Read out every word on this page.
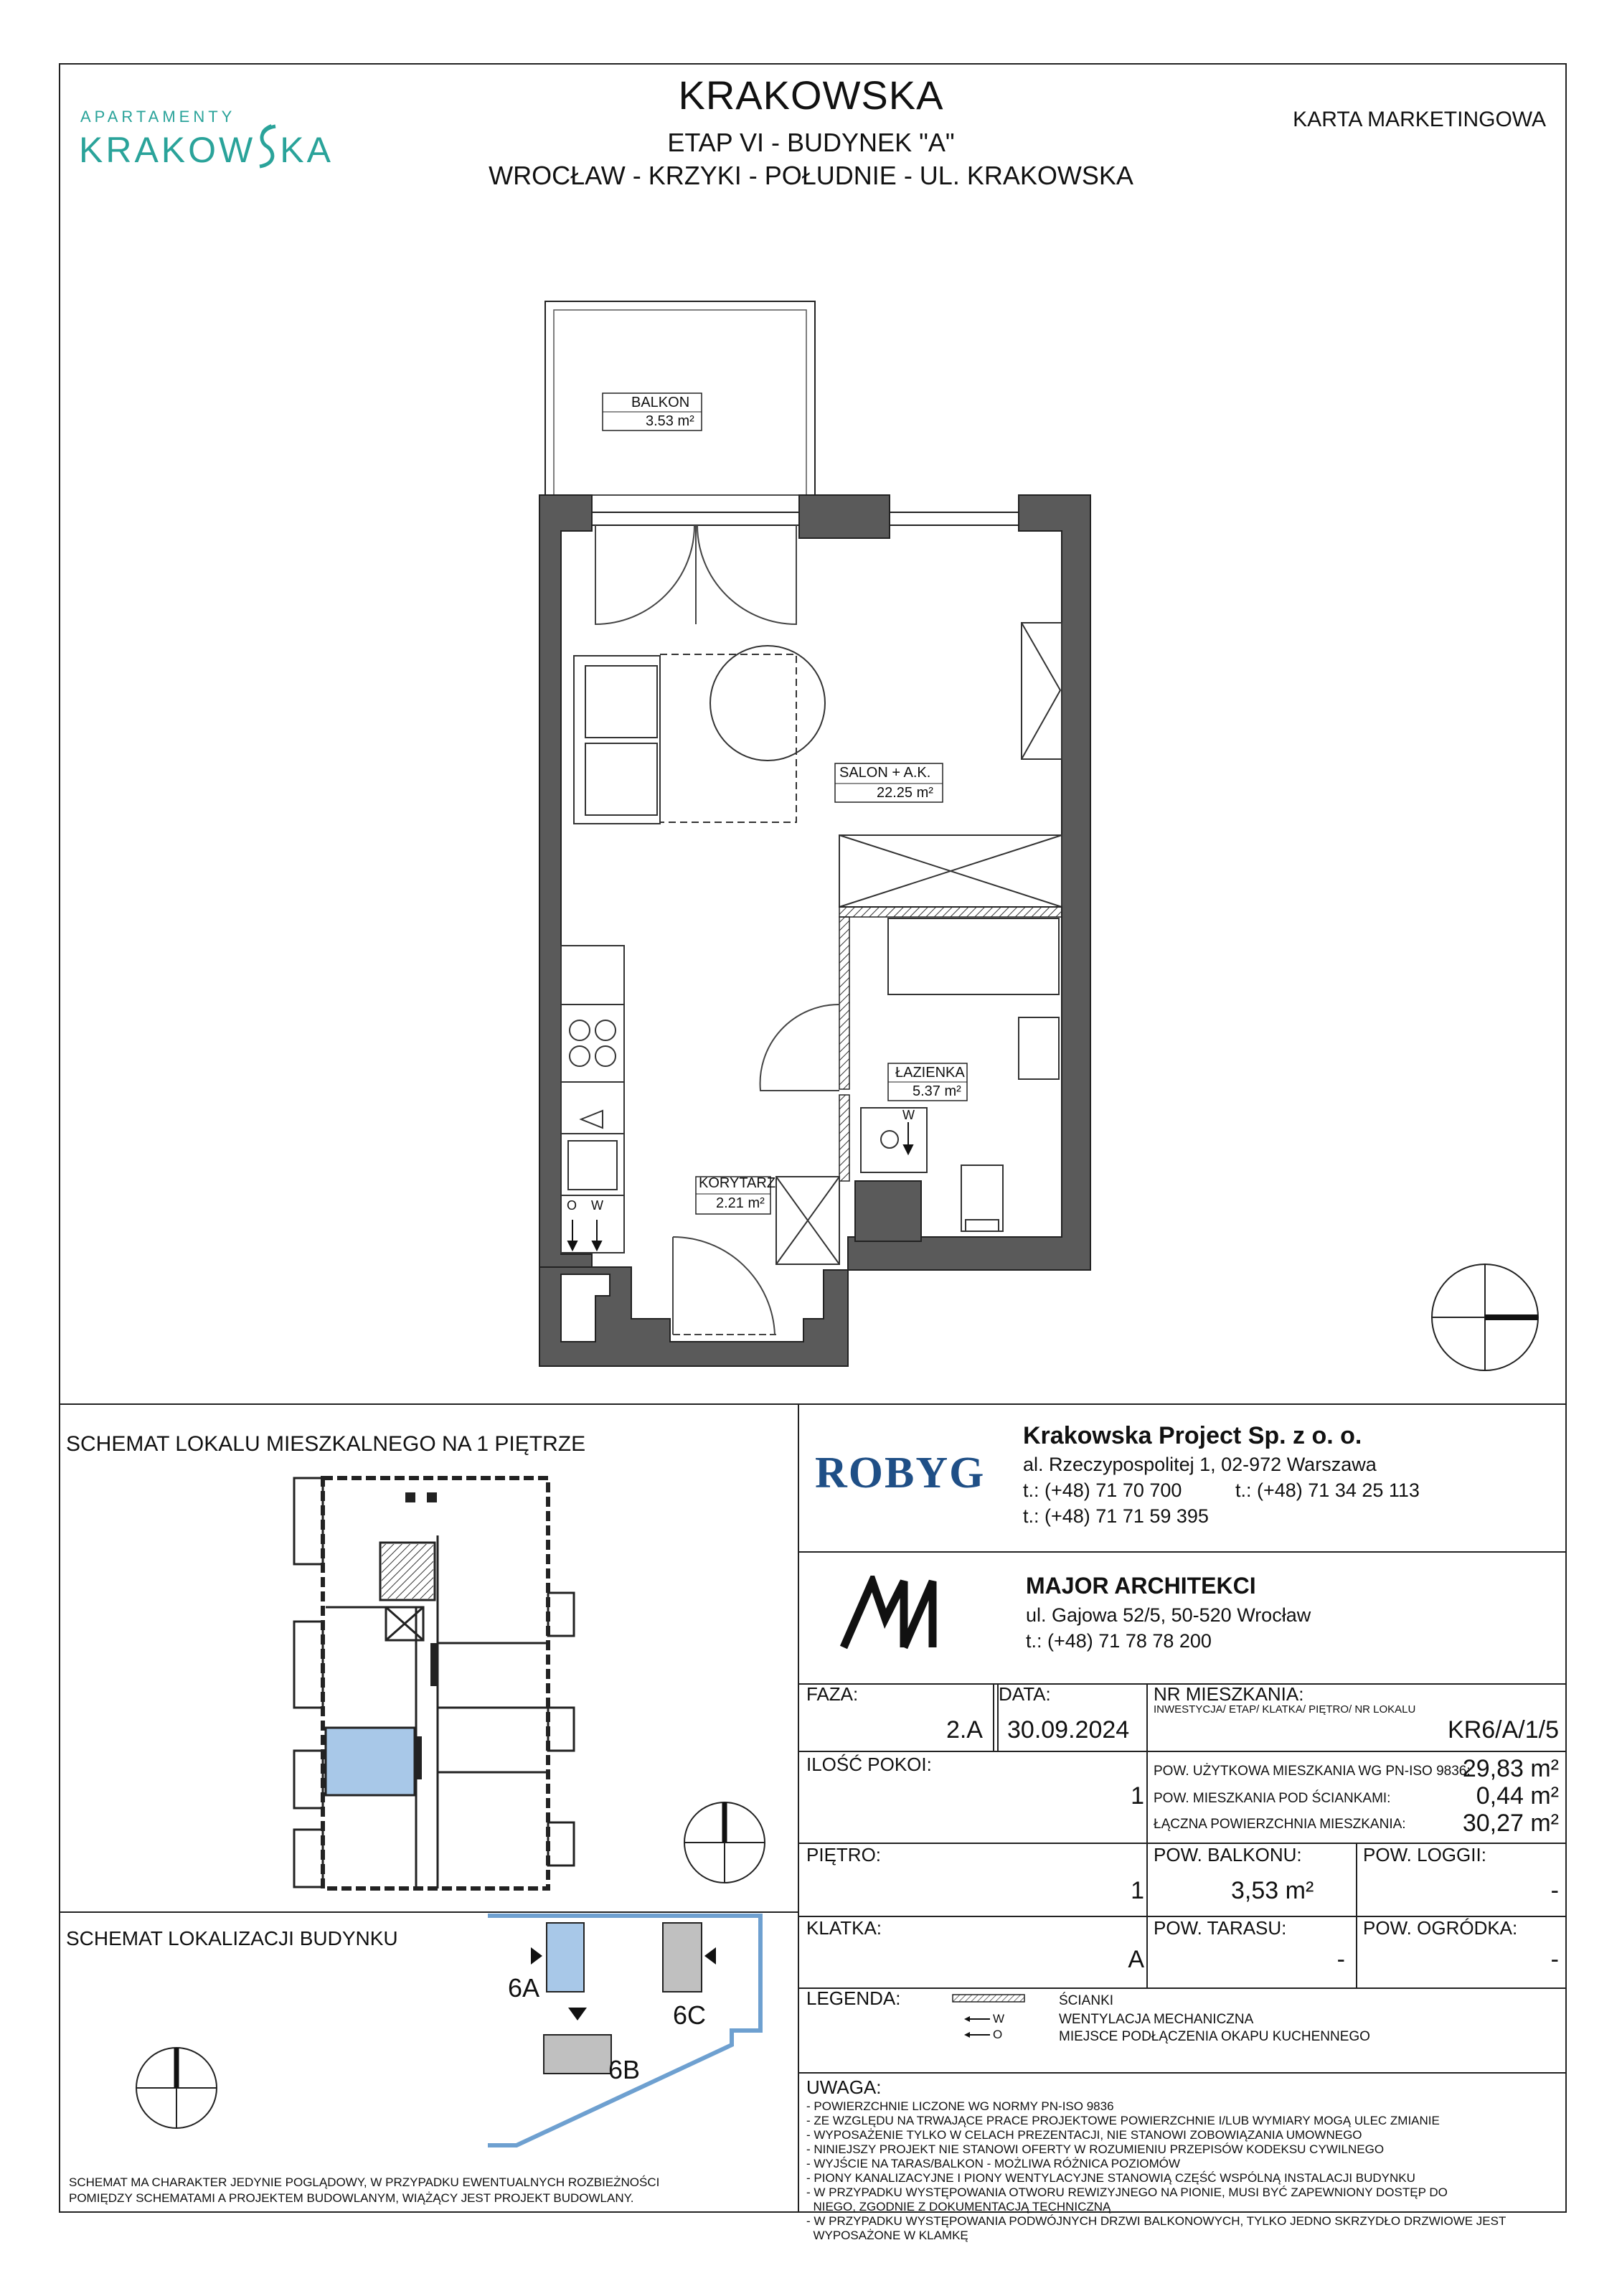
APARTAMENTY
KRAKOW KA
KRAKOWSKA
ETAP VI - BUDYNEK "A"
WROCŁAW - KRZYKI - POŁUDNIE - UL. KRAKOWSKA
KARTA MARKETINGOWA
BALKON
3.53 m²
SALON + A.K.
22.25 m²
ŁAZIENKA
5.37 m²
KORYTARZ
2.21 m²
O W
W
SCHEMAT LOKALU MIESZKALNEGO NA 1 PIĘTRZE
SCHEMAT LOKALIZACJI BUDYNKU
6A
6B
6C
SCHEMAT MA CHARAKTER JEDYNIE POGLĄDOWY, W PRZYPADKU EWENTUALNYCH ROZBIEŻNOŚCI
POMIĘDZY SCHEMATAMI A PROJEKTEM BUDOWLANYM, WIĄŻĄCY JEST PROJEKT BUDOWLANY.
ROBYG
Krakowska Project Sp. z o. o.
al. Rzeczypospolitej 1, 02-972 Warszawa
t.: (+48) 71 70 700	t.: (+48) 71 34 25 113
t.: (+48) 71 71 59 395
MAJOR ARCHITEKCI
ul. Gajowa 52/5, 50-520 Wrocław
t.: (+48) 71 78 78 200
FAZA:
2.A
DATA:
30.09.2024
NR MIESZKANIA:
INWESTYCJA/ ETAP/ KLATKA/ PIĘTRO/ NR LOKALU
KR6/A/1/5
ILOŚĆ POKOI:
1
POW. UŻYTKOWA MIESZKANIA WG PN-ISO 9836:
29,83 m²
POW. MIESZKANIA POD ŚCIANKAMI:	0,44 m²
ŁĄCZNA POWIERZCHNIA MIESZKANIA: 30,27 m²
PIĘTRO:
1
POW. BALKONU:
3,53 m²
POW. LOGGII:
-
KLATKA:
A
POW. TARASU:
-
POW. OGRÓDKA:
-
LEGENDA:
W
O
ŚCIANKI
WENTYLACJA MECHANICZNA
MIEJSCE PODŁĄCZENIA OKAPU KUCHENNEGO
UWAGA:
- POWIERZCHNIE LICZONE WG NORMY PN-ISO 9836
- ZE WZGLĘDU NA TRWAJĄCE PRACE PROJEKTOWE POWIERZCHNIE I/LUB WYMIARY MOGĄ ULEC ZMIANIE
- WYPOSAŻENIE TYLKO W CELACH PREZENTACJI, NIE STANOWI ZOBOWIĄZANIA UMOWNEGO
- NINIEJSZY PROJEKT NIE STANOWI OFERTY W ROZUMIENIU PRZEPISÓW KODEKSU CYWILNEGO
- WYJŚCIE NA TARAS/BALKON - MOŻLIWA RÓŻNICA POZIOMÓW
- PIONY KANALIZACYJNE I PIONY WENTYLACYJNE STANOWIĄ CZĘŚĆ WSPÓLNĄ INSTALACJI BUDYNKU
- W PRZYPADKU WYSTĘPOWANIA OTWORU REWIZYJNEGO NA PIONIE, MUSI BYĆ ZAPEWNIONY DOSTĘP DO
NIEGO, ZGODNIE Z DOKUMENTACJĄ TECHNICZNĄ
- W PRZYPADKU WYSTĘPOWANIA PODWÓJNYCH DRZWI BALKONOWYCH, TYLKO JEDNO SKRZYDŁO DRZWIOWE JEST
WYPOSAŻONE W KLAMKĘ
